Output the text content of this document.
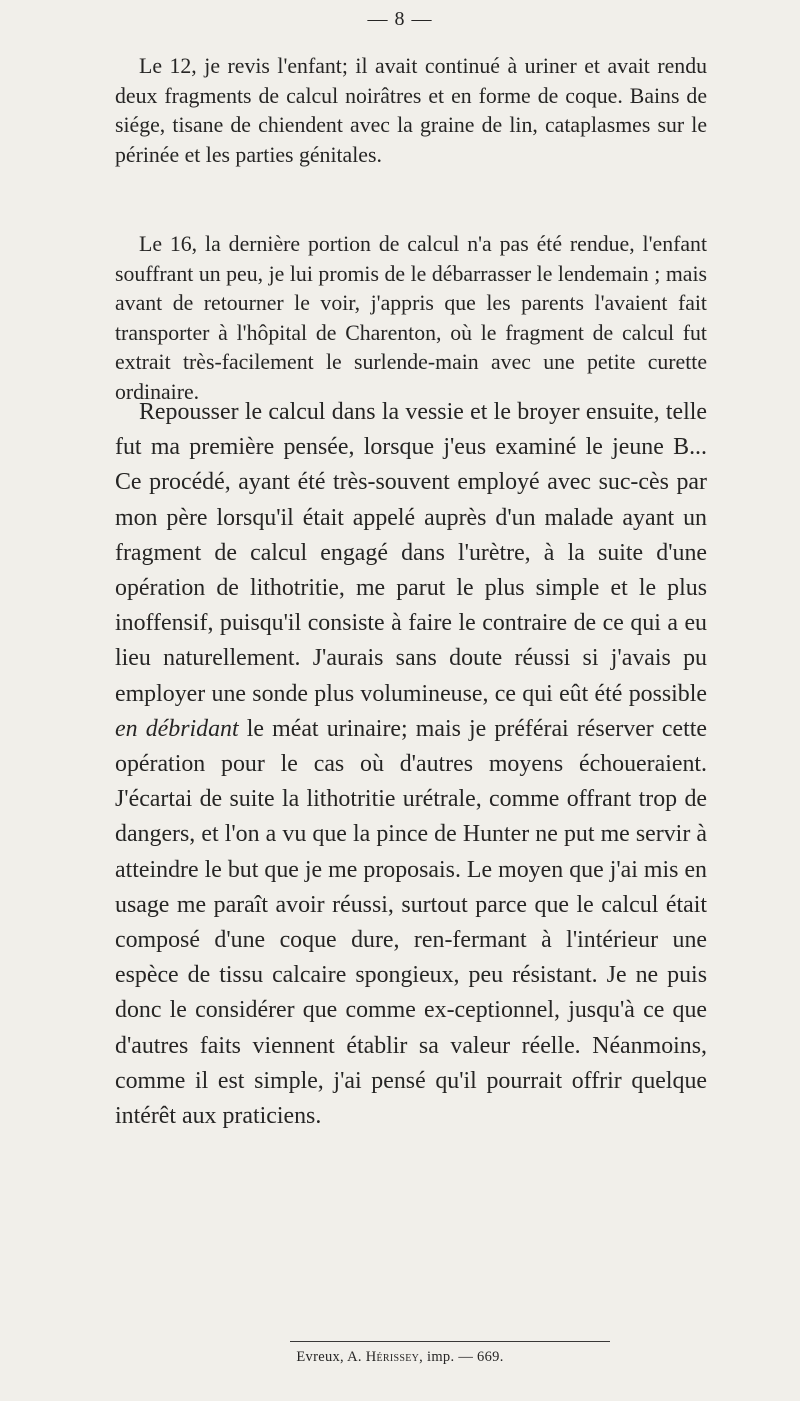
— 8 —

Le 12, je revis l'enfant; il avait continué à uriner et avait rendu deux fragments de calcul noirâtres et en forme de coque. Bains de siége, tisane de chiendent avec la graine de lin, cataplasmes sur le périnée et les parties génitales.

Le 16, la dernière portion de calcul n'a pas été rendue, l'enfant souffrant un peu, je lui promis de le débarrasser le lendemain ; mais avant de retourner le voir, j'appris que les parents l'avaient fait transporter à l'hôpital de Charenton, où le fragment de calcul fut extrait très-facilement le surlende-main avec une petite curette ordinaire.

Repousser le calcul dans la vessie et le broyer ensuite, telle fut ma première pensée, lorsque j'eus examiné le jeune B... Ce procédé, ayant été très-souvent employé avec suc-cès par mon père lorsqu'il était appelé auprès d'un malade ayant un fragment de calcul engagé dans l'urètre, à la suite d'une opération de lithotritie, me parut le plus simple et le plus inoffensif, puisqu'il consiste à faire le contraire de ce qui a eu lieu naturellement. J'aurais sans doute réussi si j'avais pu employer une sonde plus volumineuse, ce qui eût été possible en débridant le méat urinaire; mais je préférai réserver cette opération pour le cas où d'autres moyens échoueraient. J'écartai de suite la lithotritie urétrale, comme offrant trop de dangers, et l'on a vu que la pince de Hunter ne put me servir à atteindre le but que je me proposais. Le moyen que j'ai mis en usage me paraît avoir réussi, surtout parce que le calcul était composé d'une coque dure, ren-fermant à l'intérieur une espèce de tissu calcaire spongieux, peu résistant. Je ne puis donc le considérer que comme ex-ceptionnel, jusqu'à ce que d'autres faits viennent établir sa valeur réelle. Néanmoins, comme il est simple, j'ai pensé qu'il pourrait offrir quelque intérêt aux praticiens.

Evreux, A. Hérissey, imp. — 669.
